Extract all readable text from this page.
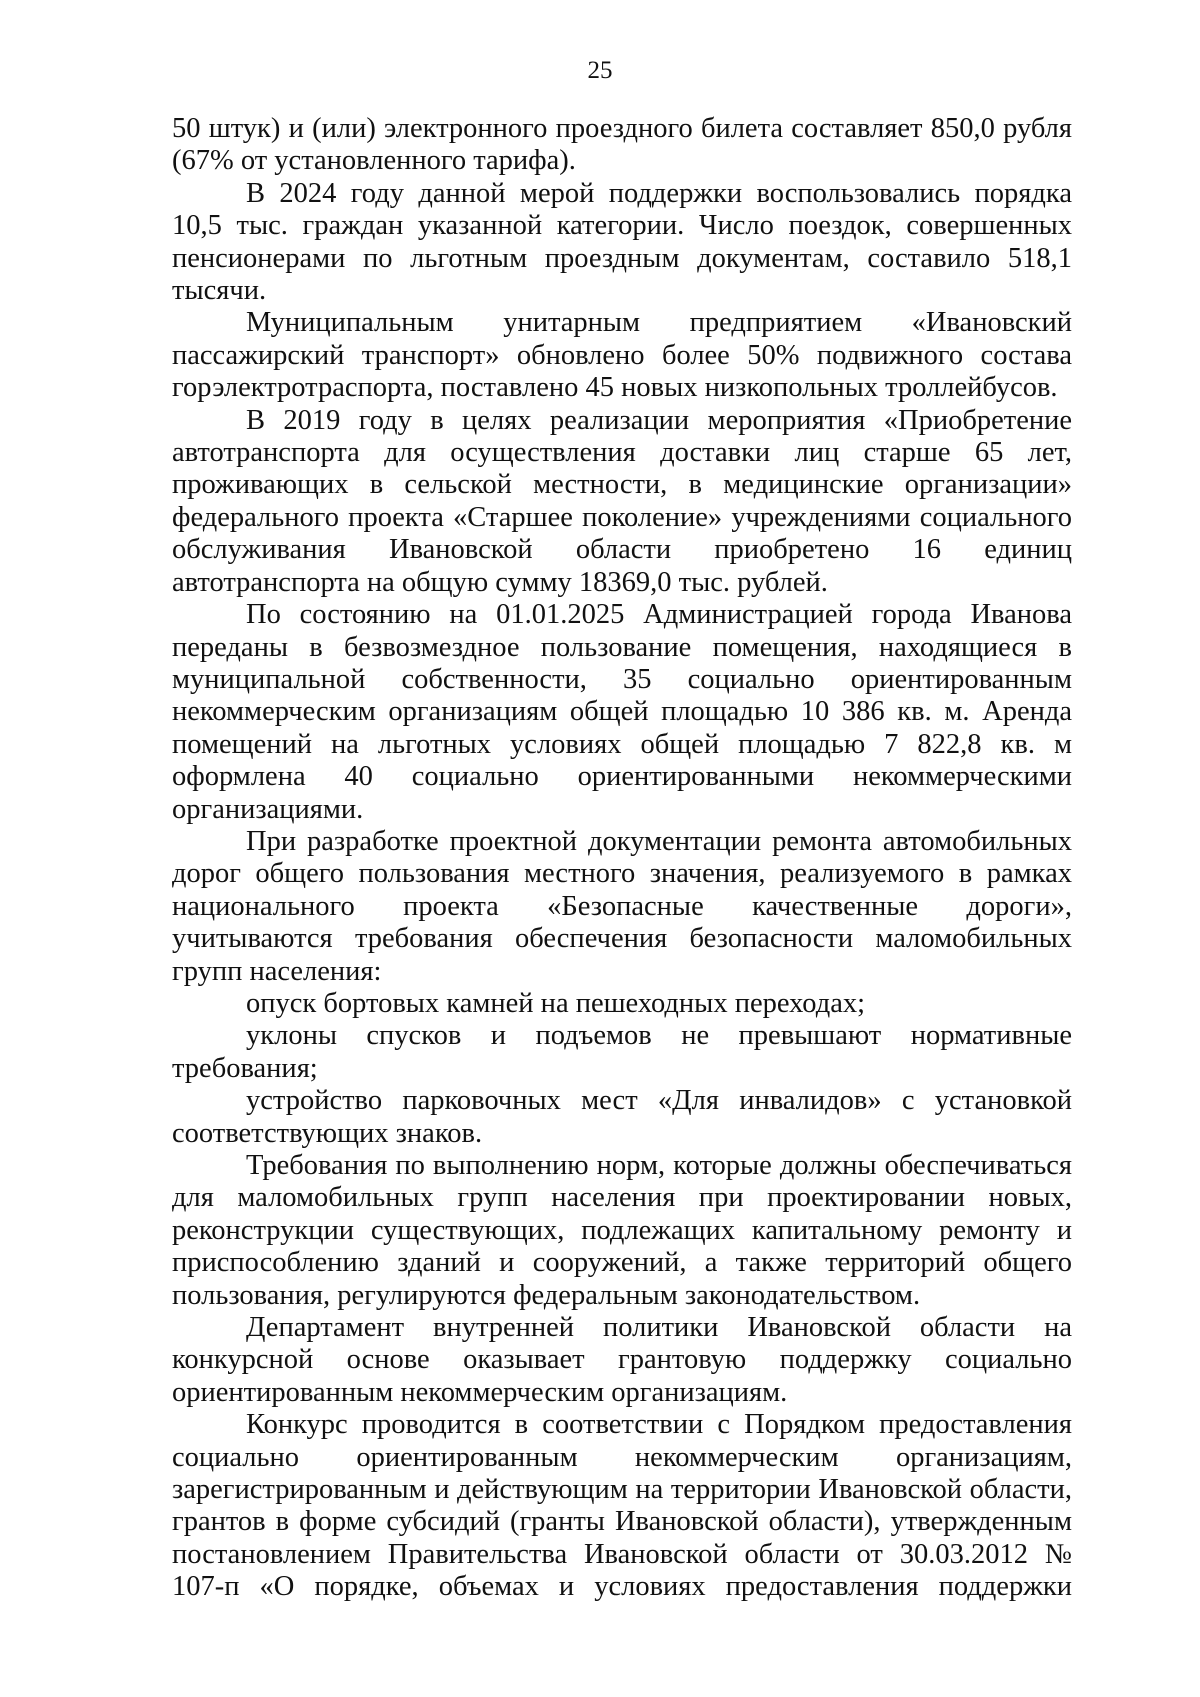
25

50 штук) и (или) электронного проездного билета составляет 850,0 рубля (67% от установленного тарифа).

В 2024 году данной мерой поддержки воспользовались порядка 10,5 тыс. граждан указанной категории. Число поездок, совершенных пенсионерами по льготным проездным документам, составило 518,1 тысячи.

Муниципальным унитарным предприятием «Ивановский пассажирский транспорт» обновлено более 50% подвижного состава горэлектротраспорта, поставлено 45 новых низкопольных троллейбусов.

В 2019 году в целях реализации мероприятия «Приобретение автотранспорта для осуществления доставки лиц старше 65 лет, проживающих в сельской местности, в медицинские организации» федерального проекта «Старшее поколение» учреждениями социального обслуживания Ивановской области приобретено 16 единиц автотранспорта на общую сумму 18369,0 тыс. рублей.

По состоянию на 01.01.2025 Администрацией города Иванова переданы в безвозмездное пользование помещения, находящиеся в муниципальной собственности, 35 социально ориентированным некоммерческим организациям общей площадью 10 386 кв. м. Аренда помещений на льготных условиях общей площадью 7 822,8 кв. м оформлена 40 социально ориентированными некоммерческими организациями.

При разработке проектной документации ремонта автомобильных дорог общего пользования местного значения, реализуемого в рамках национального проекта «Безопасные качественные дороги», учитываются требования обеспечения безопасности маломобильных групп населения:

опуск бортовых камней на пешеходных переходах;

уклоны спусков и подъемов не превышают нормативные требования;

устройство парковочных мест «Для инвалидов» с установкой соответствующих знаков.

Требования по выполнению норм, которые должны обеспечиваться для маломобильных групп населения при проектировании новых, реконструкции существующих, подлежащих капитальному ремонту и приспособлению зданий и сооружений, а также территорий общего пользования, регулируются федеральным законодательством.

Департамент внутренней политики Ивановской области на конкурсной основе оказывает грантовую поддержку социально ориентированным некоммерческим организациям.

Конкурс проводится в соответствии с Порядком предоставления социально ориентированным некоммерческим организациям, зарегистрированным и действующим на территории Ивановской области, грантов в форме субсидий (гранты Ивановской области), утвержденным постановлением Правительства Ивановской области от 30.03.2012 № 107-п «О порядке, объемах и условиях предоставления поддержки
